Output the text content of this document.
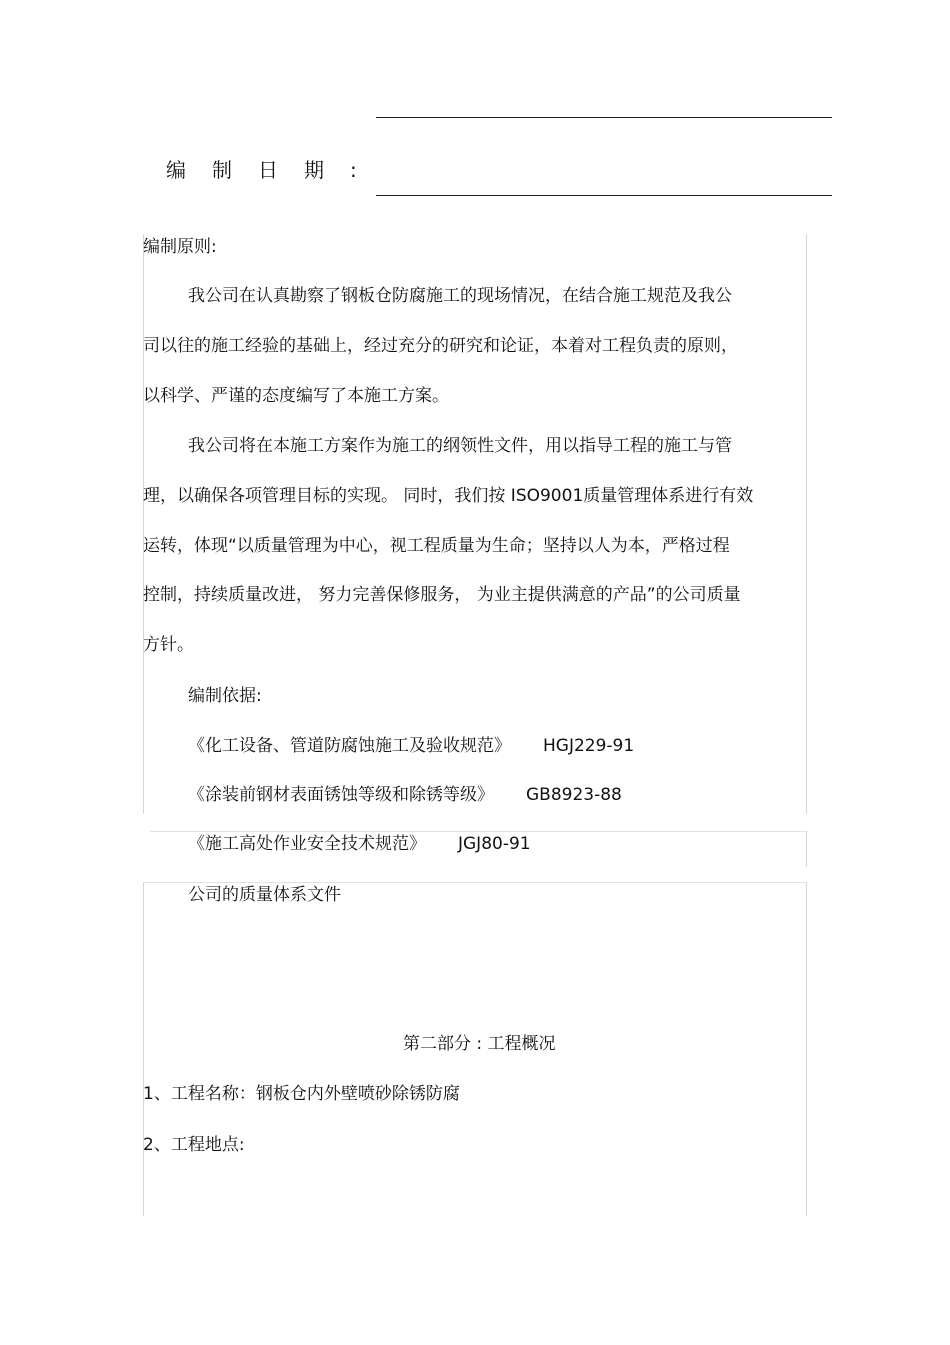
编制日期:
编制原则:
我公司在认真勘察了钢板仓防腐施工的现场情况，在结合施工规范及我公
司以往的施工经验的基础上，经过充分的研究和论证，本着对工程负责的原则，
以科学、严谨的态度编写了本施工方案。
我公司将在本施工方案作为施工的纲领性文件，用以指导工程的施工与管
理，以确保各项管理目标的实现。 同时，我们按 ISO9001质量管理体系进行有效
运转，体现“以质量管理为中心，视工程质量为生命；坚持以人为本，严格过程
控制，持续质量改进， 努力完善保修服务， 为业主提供满意的产品”的公司质量
方针。
编制依据:
《化工设备、管道防腐蚀施工及验收规范》 HGJ229-91
《涂装前钢材表面锈蚀等级和除锈等级》 GB8923-88
《施工高处作业安全技术规范》 JGJ80-91
公司的质量体系文件
第二部分 : 工程概况
1、工程名称：钢板仓内外壁喷砂除锈防腐
2、工程地点:
